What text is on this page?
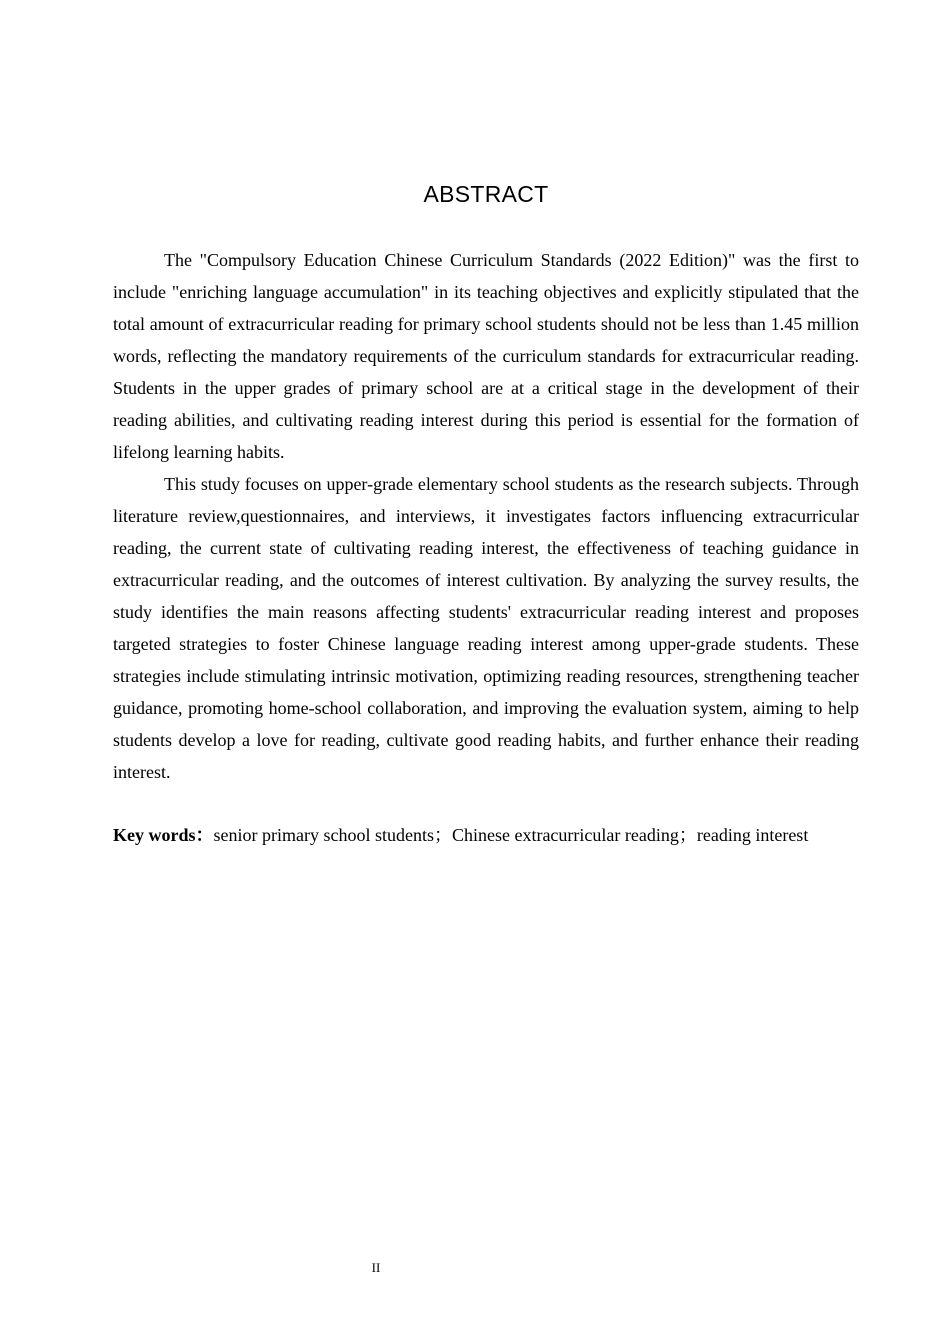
ABSTRACT

The "Compulsory Education Chinese Curriculum Standards (2022 Edition)" was the first to include "enriching language accumulation" in its teaching objectives and explicitly stipulated that the total amount of extracurricular reading for primary school students should not be less than 1.45 million words, reflecting the mandatory requirements of the curriculum standards for extracurricular reading. Students in the upper grades of primary school are at a critical stage in the development of their reading abilities, and cultivating reading interest during this period is essential for the formation of lifelong learning habits.

This study focuses on upper-grade elementary school students as the research subjects. Through literature review,questionnaires, and interviews, it investigates factors influencing extracurricular reading, the current state of cultivating reading interest, the effectiveness of teaching guidance in extracurricular reading, and the outcomes of interest cultivation. By analyzing the survey results, the study identifies the main reasons affecting students' extracurricular reading interest and proposes targeted strategies to foster Chinese language reading interest among upper-grade students. These strategies include stimulating intrinsic motivation, optimizing reading resources, strengthening teacher guidance, promoting home-school collaboration, and improving the evaluation system, aiming to help students develop a love for reading, cultivate good reading habits, and further enhance their reading interest.

Key words：senior primary school students；Chinese extracurricular reading；reading interest
II
